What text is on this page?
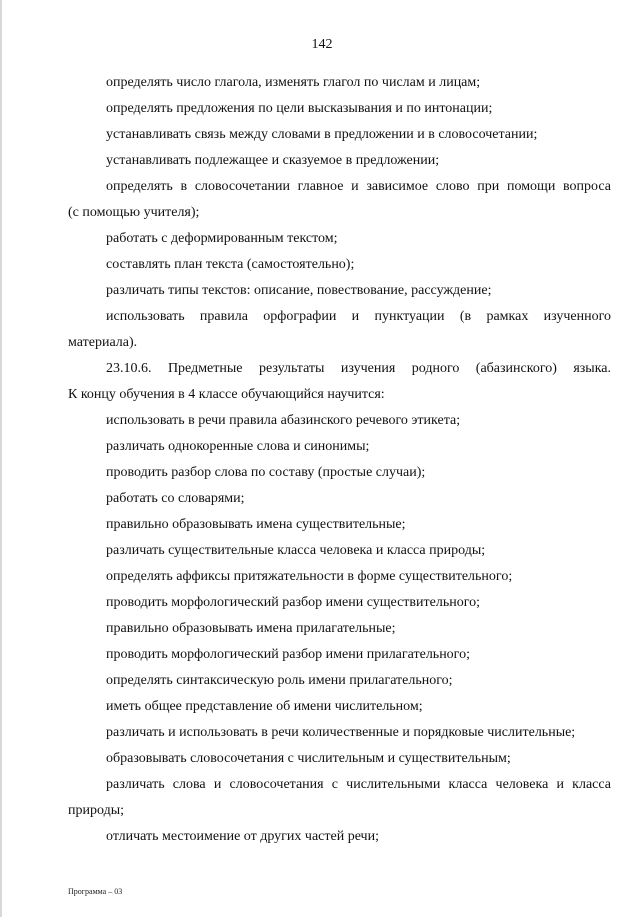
142
определять число глагола, изменять глагол по числам и лицам;
определять предложения по цели высказывания и по интонации;
устанавливать связь между словами в предложении и в словосочетании;
устанавливать подлежащее и сказуемое в предложении;
определять в словосочетании главное и зависимое слово при помощи вопроса
(с помощью учителя);
работать с деформированным текстом;
составлять план текста (самостоятельно);
различать типы текстов: описание, повествование, рассуждение;
использовать правила орфографии и пунктуации (в рамках изученного
материала).
23.10.6. Предметные результаты изучения родного (абазинского) языка.
К концу обучения в 4 классе обучающийся научится:
использовать в речи правила абазинского речевого этикета;
различать однокоренные слова и синонимы;
проводить разбор слова по составу (простые случаи);
работать со словарями;
правильно образовывать имена существительные;
различать существительные класса человека и класса природы;
определять аффиксы притяжательности в форме существительного;
проводить морфологический разбор имени существительного;
правильно образовывать имена прилагательные;
проводить морфологический разбор имени прилагательного;
определять синтаксическую роль имени прилагательного;
иметь общее представление об имени числительном;
различать и использовать в речи количественные и порядковые числительные;
образовывать словосочетания с числительным и существительным;
различать слова и словосочетания с числительными класса человека и класса
природы;
отличать местоимение от других частей речи;
Программа – 03
